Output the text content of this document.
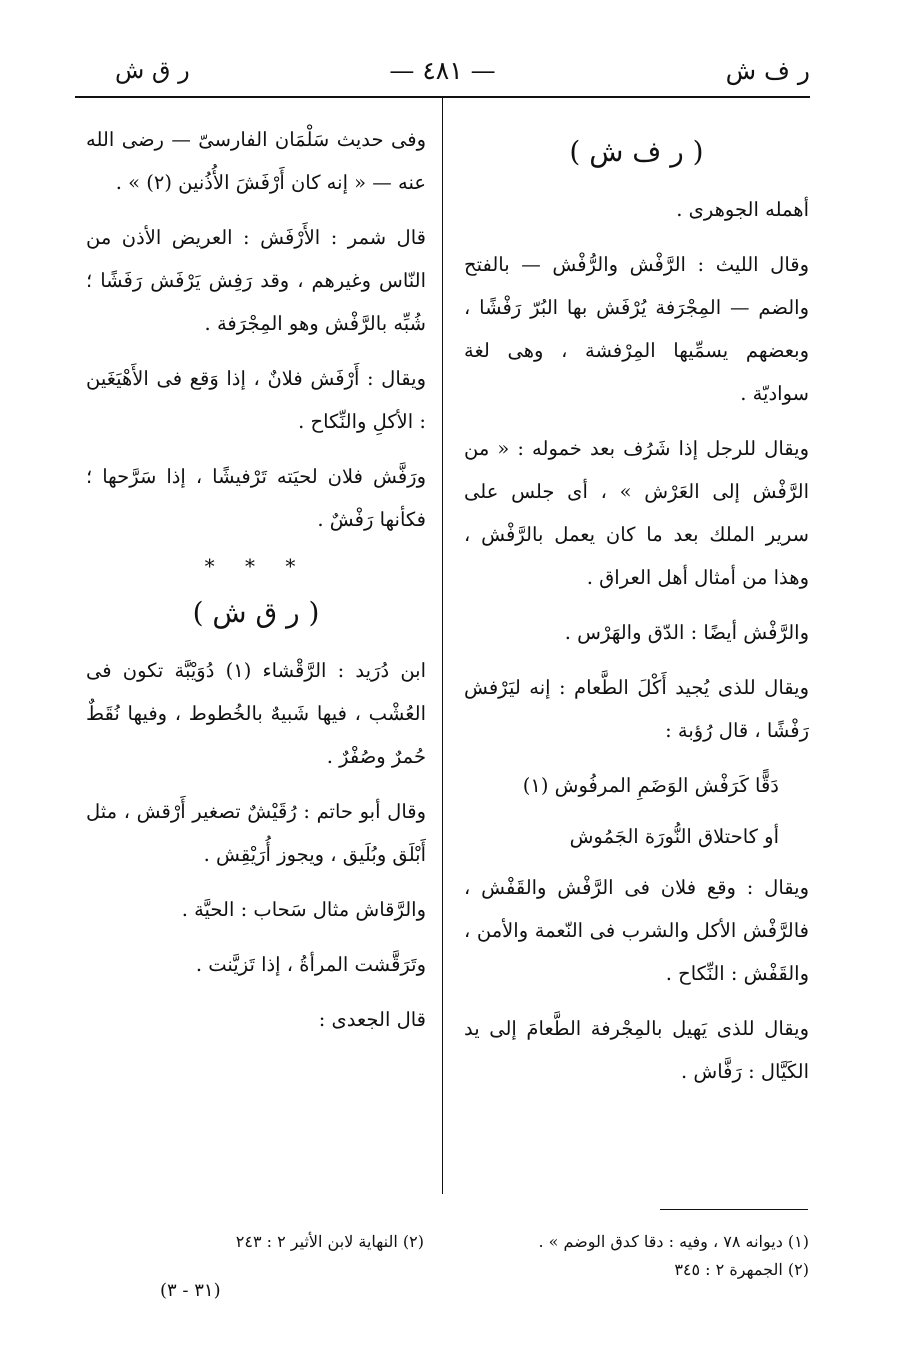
ر ف ش
— ٤٨١ —
ر ق ش
( ر ف ش )

أهمله الجوهرى .

وقال الليث : الرَّفْش والرُّفْش — بالفتح والضم — المِجْرَفة يُرْفَش بها البُرّ رَفْشًا ، وبعضهم يسمِّيها المِرْفشة ، وهى لغة سواديّة .

ويقال للرجل إذا شَرُف بعد خموله : « من الرَّفْش إلى العَرْش » ، أى جلس على سرير الملك بعد ما كان يعمل بالرَّفْش ، وهذا من أمثال أهل العراق .

والرَّفْش أيضًا : الدّق والهَرْس .

ويقال للذى يُجيد أَكْلَ الطَّعام : إنه ليَرْفش رَفْشًا ، قال رُؤبة :

دَقًّا كَرَفْش الوَضَمِ المرفُوش (١)

أو كاحتلاق النُّورَة الجَمُوش

ويقال : وقع فلان فى الرَّفْش والقَفْش ، فالرَّفْش الأكل والشرب فى النّعمة والأمن ، والقَفْش : النِّكاح .

ويقال للذى يَهيل بالمِجْرفة الطَّعامَ إلى يد الكَيَّال : رَفَّاش .

وفى حديث سَلْمَان الفارسىّ — رضى الله عنه — « إنه كان أَرْفَشَ الأُذُنين (٢) » .

قال شمر : الأَرْفَش : العريض الأذن من النّاس وغيرهم ، وقد رَفِش يَرْفَش رَفَشًا ؛ شُبِّه بالرَّفْش وهو المِجْرَفة .

ويقال : أَرْفَش فلانٌ ، إذا وَقع فى الأَهْيَغَين : الأكلِ والنِّكاح .

ورَفَّش فلان لحيَته تَرْفيشًا ، إذا سَرَّحها ؛ فكأنها رَفْشٌ .

* * *
( ر ق ش )

ابن دُرَيد : الرَّقْشاء (١) دُوَيْبَّة تكون فى العُشْب ، فيها شَبيهٌ بالخُطوط ، وفيها نُقَطٌ حُمرٌ وصُفْرٌ .

وقال أبو حاتم : رُقَيْشٌ تصغير أَرْقش ، مثل أَبْلَق وبُلَيق ، ويجوز أُرَيْقِش .

والرَّقاش مثال سَحاب : الحيَّة .

وتَرَقَّشت المرأةُ ، إذا تَزيَّنت .

قال الجعدى :

(١) ديوانه ٧٨ ، وفيه : دقا كدق الوضم » .

(٢) الجمهرة ٢ : ٣٤٥

(٢) النهاية لابن الأثير ٢ : ٢٤٣

(٣١ - ٣)
